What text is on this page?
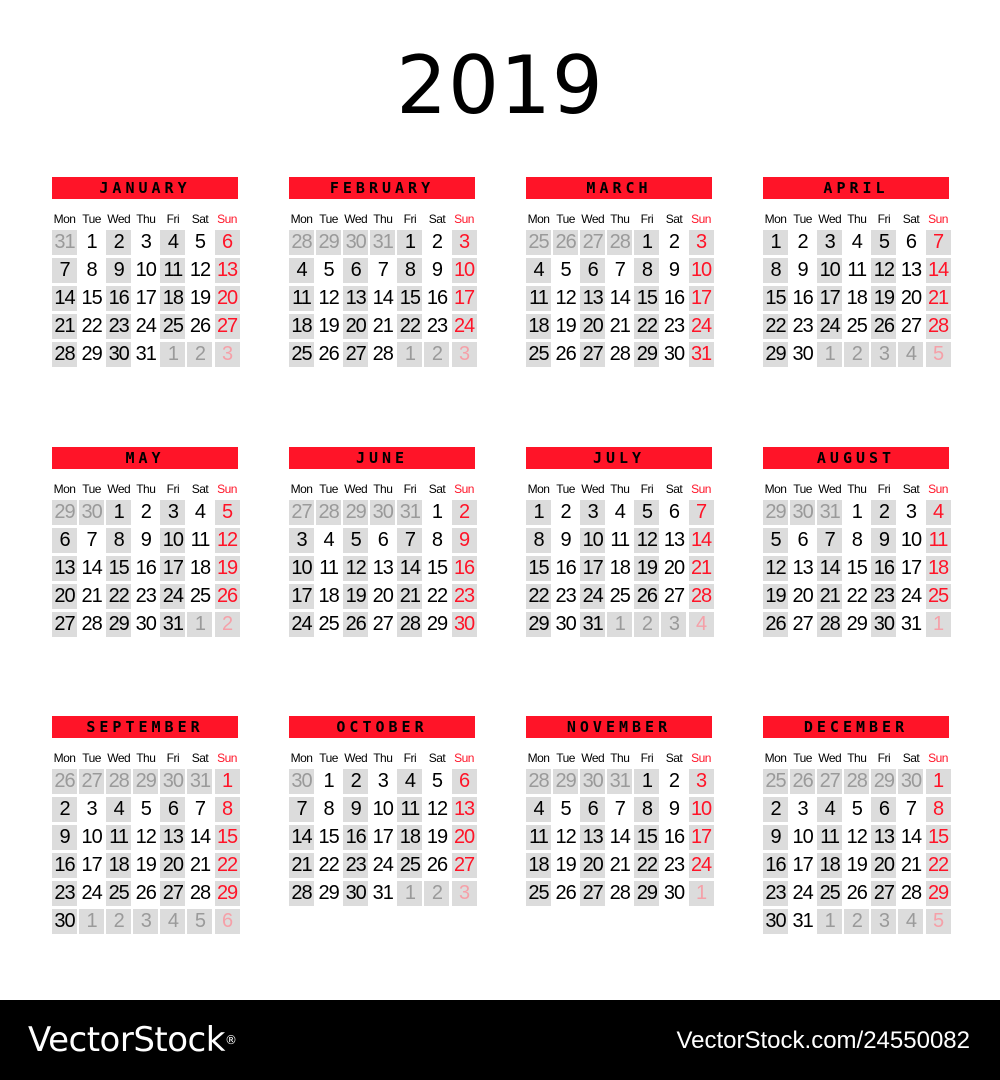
2019
JANUARY
Mon Tue Wed Thu Fri	Sat Sun
31 1 2 3 4 5 6
7 8 9 10 11 12 13
14 15 16 17 18 19 20
21 22 23 24 25 26 27
28 29 30 31 1 2 3
FEBRUARY
Mon Tue Wed Thu Fri	Sat Sun
28 29 30 31 1 2 3
4 5 6 7 8 9 10
11 12 13 14 15 16 17
18 19 20 21 22 23 24
25 26 27 28 1 2 3
MARCH
Mon Tue Wed Thu Fri	Sat Sun
25 26 27 28 1 2 3
4 5 6 7 8 9 10
11 12 13 14 15 16 17
18 19 20 21 22 23 24
25 26 27 28 29 30 31
APRIL
Mon Tue Wed Thu Fri	Sat Sun
1 2 3 4 5 6 7
8 9 10 11 12 13 14
15 16 17 18 19 20 21
22 23 24 25 26 27 28
29 30 1 2 3 4 5
MAY
Mon Tue Wed Thu Fri	Sat Sun
29 30 1 2 3 4 5
6 7 8 9 10 11 12
13 14 15 16 17 18 19
20 21 22 23 24 25 26
27 28 29 30 31 1 2
JUNE
Mon Tue Wed Thu Fri	Sat Sun
27 28 29 30 31 1 2
3 4 5 6 7 8 9
10 11 12 13 14 15 16
17 18 19 20 21 22 23
24 25 26 27 28 29 30
JULY
Mon Tue Wed Thu Fri	Sat Sun
1 2 3 4 5 6 7
8 9 10 11 12 13 14
15 16 17 18 19 20 21
22 23 24 25 26 27 28
29 30 31 1 2 3 4
AUGUST
Mon Tue Wed Thu Fri	Sat Sun
29 30 31 1 2 3 4
5 6 7 8 9 10 11
12 13 14 15 16 17 18
19 20 21 22 23 24 25
26 27 28 29 30 31 1
SEPTEMBER
Mon Tue Wed Thu Fri	Sat Sun
26 27 28 29 30 31 1
2 3 4 5 6 7 8
9 10 11 12 13 14 15
16 17 18 19 20 21 22
23 24 25 26 27 28 29
30 1 2 3 4 5 6
OCTOBER
Mon Tue Wed Thu Fri	Sat Sun
30 1 2 3 4 5 6
7 8 9 10 11 12 13
14 15 16 17 18 19 20
21 22 23 24 25 26 27
28 29 30 31 1 2 3
NOVEMBER
Mon Tue Wed Thu Fri	Sat Sun
28 29 30 31 1 2 3
4 5 6 7 8 9 10
11 12 13 14 15 16 17
18 19 20 21 22 23 24
25 26 27 28 29 30 1
DECEMBER
Mon Tue Wed Thu Fri	Sat Sun
25 26 27 28 29 30 1
2 3 4 5 6 7 8
9 10 11 12 13 14 15
16 17 18 19 20 21 22
23 24 25 26 27 28 29
30 31 1 2 3 4 5
VectorStock®	VectorStock.com/24550082
